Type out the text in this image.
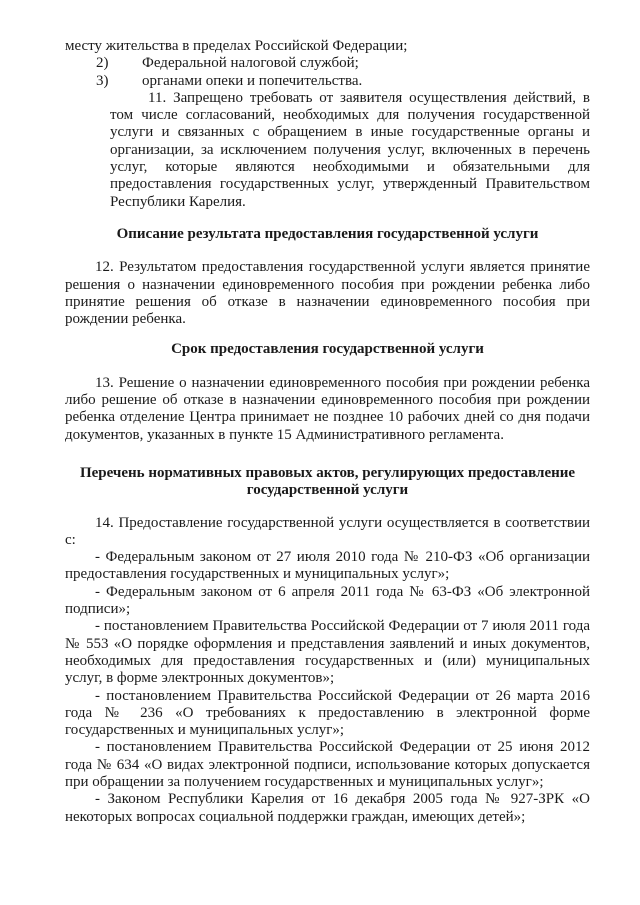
месту жительства в пределах Российской Федерации;

2)	Федеральной налоговой службой;
3)	органами опеки и попечительства.

11. Запрещено требовать от заявителя осуществления действий, в том числе согласований, необходимых для получения государственной услуги и связанных с обращением в иные государственные органы и организации, за исключением получения услуг, включенных в перечень услуг, которые являются необходимыми и обязательными для предоставления государственных услуг, утвержденный Правительством Республики Карелия.

Описание результата предоставления государственной услуги

12. Результатом предоставления государственной услуги является принятие решения о назначении единовременного пособия при рождении ребенка либо принятие решения об отказе в назначении единовременного пособия при рождении ребенка.

Срок предоставления государственной услуги

13. Решение о назначении единовременного пособия при рождении ребенка либо решение об отказе в назначении единовременного пособия при рождении ребенка отделение Центра принимает не позднее 10 рабочих дней со дня подачи документов, указанных в пункте 15 Административного регламента.

Перечень нормативных правовых актов, регулирующих предоставление государственной услуги

14. Предоставление государственной услуги осуществляется в соответствии с:

- Федеральным законом от 27 июля 2010 года № 210-ФЗ «Об организации предоставления государственных и муниципальных услуг»;

- Федеральным законом от 6 апреля 2011 года № 63-ФЗ «Об электронной подписи»;

- постановлением Правительства Российской Федерации от 7 июля 2011 года № 553 «О порядке оформления и представления заявлений и иных документов, необходимых для предоставления государственных и (или) муниципальных услуг, в форме электронных документов»;

- постановлением Правительства Российской Федерации от 26 марта 2016 года № 236 «О требованиях к предоставлению в электронной форме государственных и муниципальных услуг»;

- постановлением Правительства Российской Федерации от 25 июня 2012 года № 634 «О видах электронной подписи, использование которых допускается при обращении за получением государственных и муниципальных услуг»;

- Законом Республики Карелия от 16 декабря 2005 года № 927-ЗРК «О некоторых вопросах социальной поддержки граждан, имеющих детей»;
